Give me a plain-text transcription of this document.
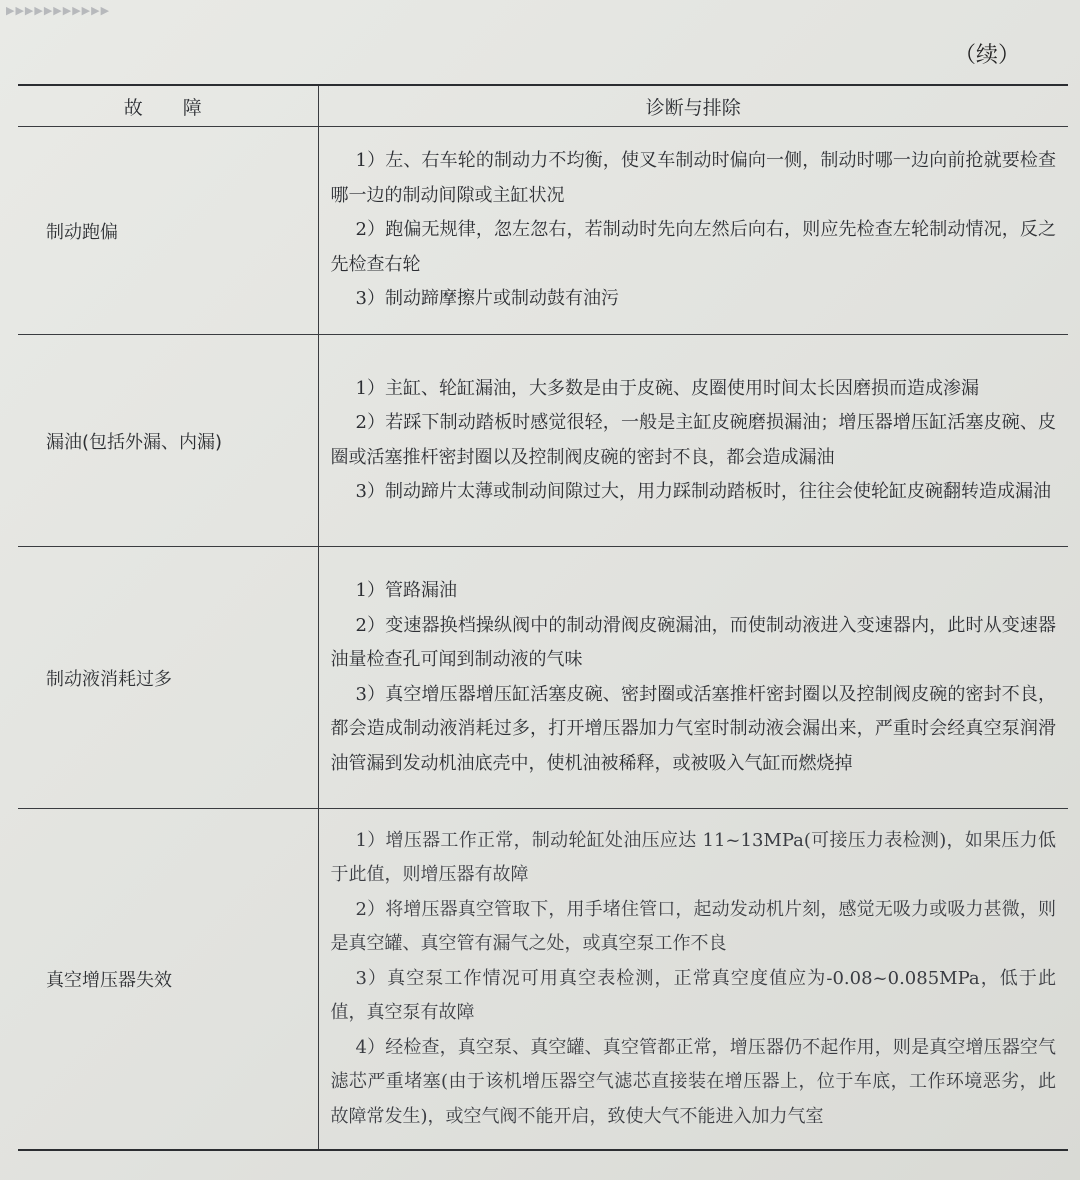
▶▶▶▶▶▶▶▶▶▶▶
（续）
故障	诊断与排除
制动跑偏	1）左、右车轮的制动力不均衡，使叉车制动时偏向一侧，制动时哪一边向前抢就要检查哪一边的制动间隙或主缸状况
2）跑偏无规律，忽左忽右，若制动时先向左然后向右，则应先检查左轮制动情况，反之先检查右轮
3）制动蹄摩擦片或制动鼓有油污

漏油(包括外漏、内漏)	1）主缸、轮缸漏油，大多数是由于皮碗、皮圈使用时间太长因磨损而造成渗漏
2）若踩下制动踏板时感觉很轻，一般是主缸皮碗磨损漏油；增压器增压缸活塞皮碗、皮圈或活塞推杆密封圈以及控制阀皮碗的密封不良，都会造成漏油
3）制动蹄片太薄或制动间隙过大，用力踩制动踏板时，往往会使轮缸皮碗翻转造成漏油

制动液消耗过多	1）管路漏油
2）变速器换档操纵阀中的制动滑阀皮碗漏油，而使制动液进入变速器内，此时从变速器油量检查孔可闻到制动液的气味
3）真空增压器增压缸活塞皮碗、密封圈或活塞推杆密封圈以及控制阀皮碗的密封不良，都会造成制动液消耗过多，打开增压器加力气室时制动液会漏出来，严重时会经真空泵润滑油管漏到发动机油底壳中，使机油被稀释，或被吸入气缸而燃烧掉

真空增压器失效	1）增压器工作正常，制动轮缸处油压应达 11~13MPa(可接压力表检测)，如果压力低于此值，则增压器有故障
2）将增压器真空管取下，用手堵住管口，起动发动机片刻，感觉无吸力或吸力甚微，则是真空罐、真空管有漏气之处，或真空泵工作不良
3）真空泵工作情况可用真空表检测，正常真空度值应为-0.08~0.085MPa，低于此值，真空泵有故障
4）经检查，真空泵、真空罐、真空管都正常，增压器仍不起作用，则是真空增压器空气滤芯严重堵塞(由于该机增压器空气滤芯直接装在增压器上，位于车底，工作环境恶劣，此故障常发生)，或空气阀不能开启，致使大气不能进入加力气室
